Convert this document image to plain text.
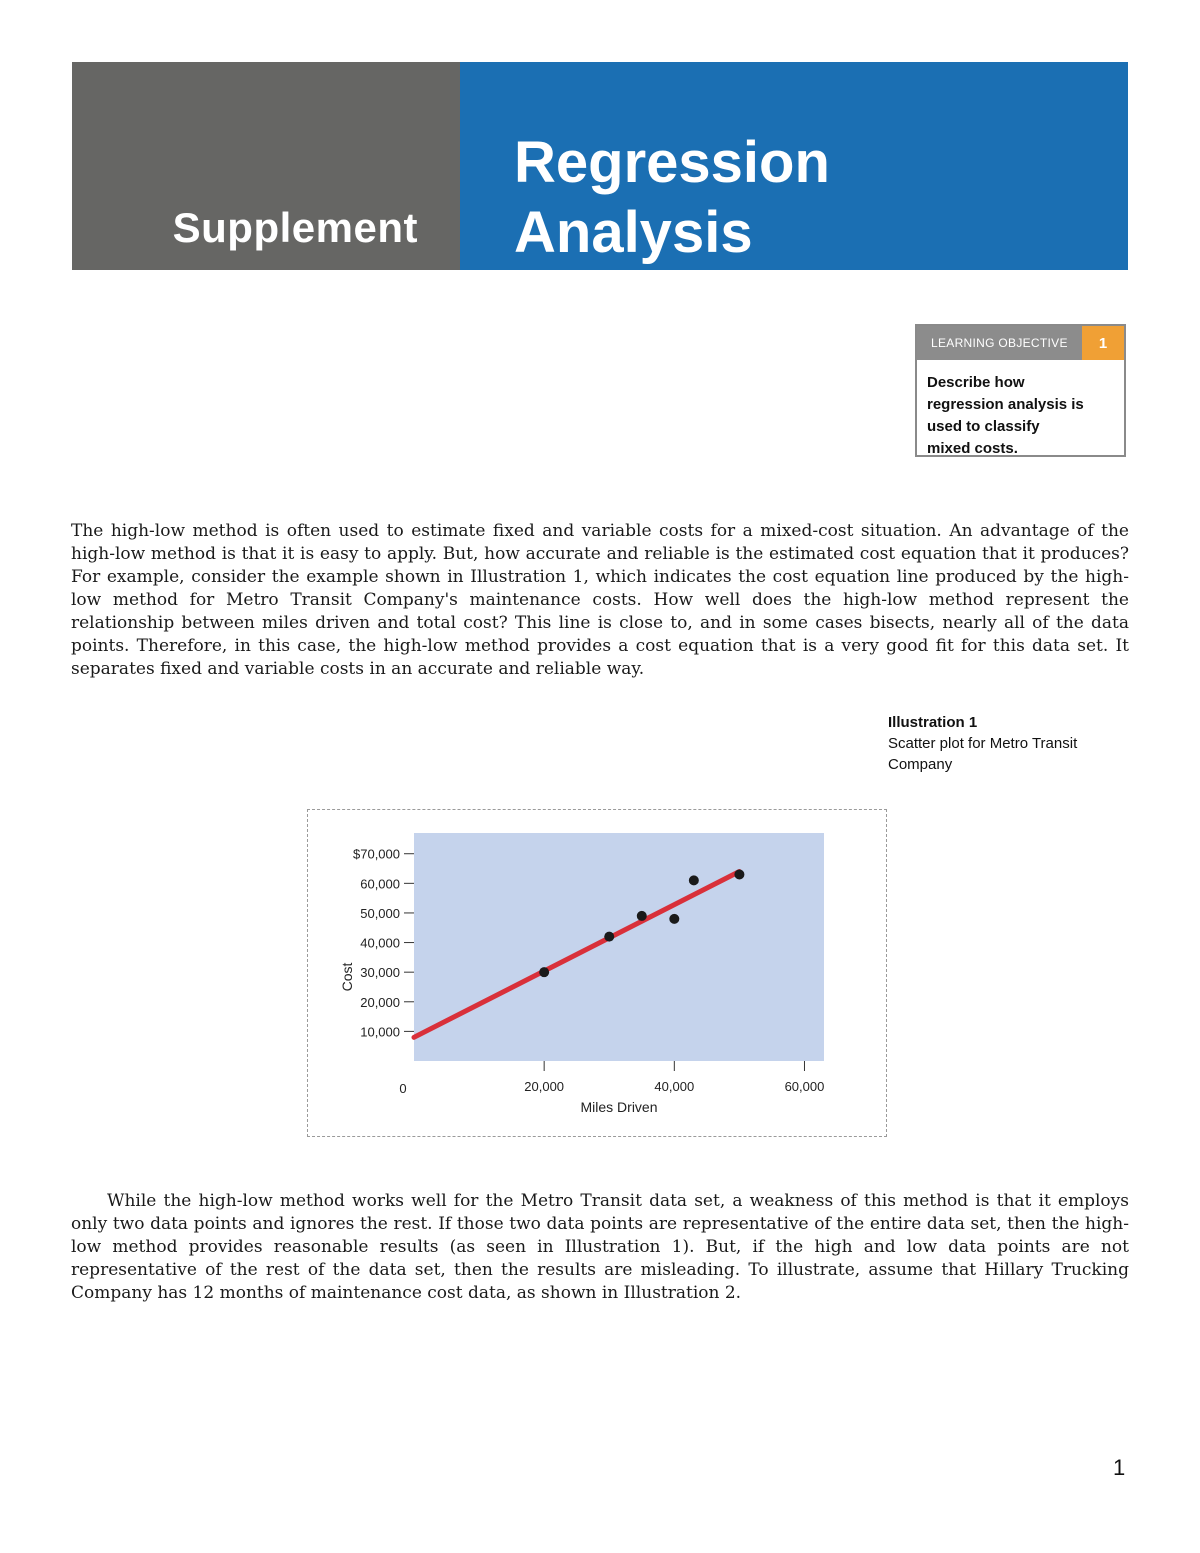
Supplement
Regression
Analysis
LEARNING OBJECTIVE	1
Describe how regression analysis is used to classify mixed costs.

The high-low method is often used to estimate fixed and variable costs for a mixed-cost situation. An advantage of the high-low method is that it is easy to apply. But, how accurate and reliable is the estimated cost equation that it produces? For example, consider the example shown in Illustration 1, which indicates the cost equation line produced by the high-low method for Metro Transit Company's maintenance costs. How well does the high-low method represent the relationship between miles driven and total cost? This line is close to, and in some cases bisects, nearly all of the data points. Therefore, in this case, the high-low method provides a cost equation that is a very good fit for this data set. It separates fixed and variable costs in an accurate and reliable way.

Illustration 1
Scatter plot for Metro Transit Company
10,000
20,000
30,000
40,000
50,000
60,000
$70,000
20,000	40,000	60,000
0
Miles Driven
Cost

While the high-low method works well for the Metro Transit data set, a weakness of this method is that it employs only two data points and ignores the rest. If those two data points are representative of the entire data set, then the high-low method provides reasonable results (as seen in Illustration 1). But, if the high and low data points are not representative of the rest of the data set, then the results are misleading. To illustrate, assume that Hillary Trucking Company has 12 months of maintenance cost data, as shown in Illustration 2.

1
